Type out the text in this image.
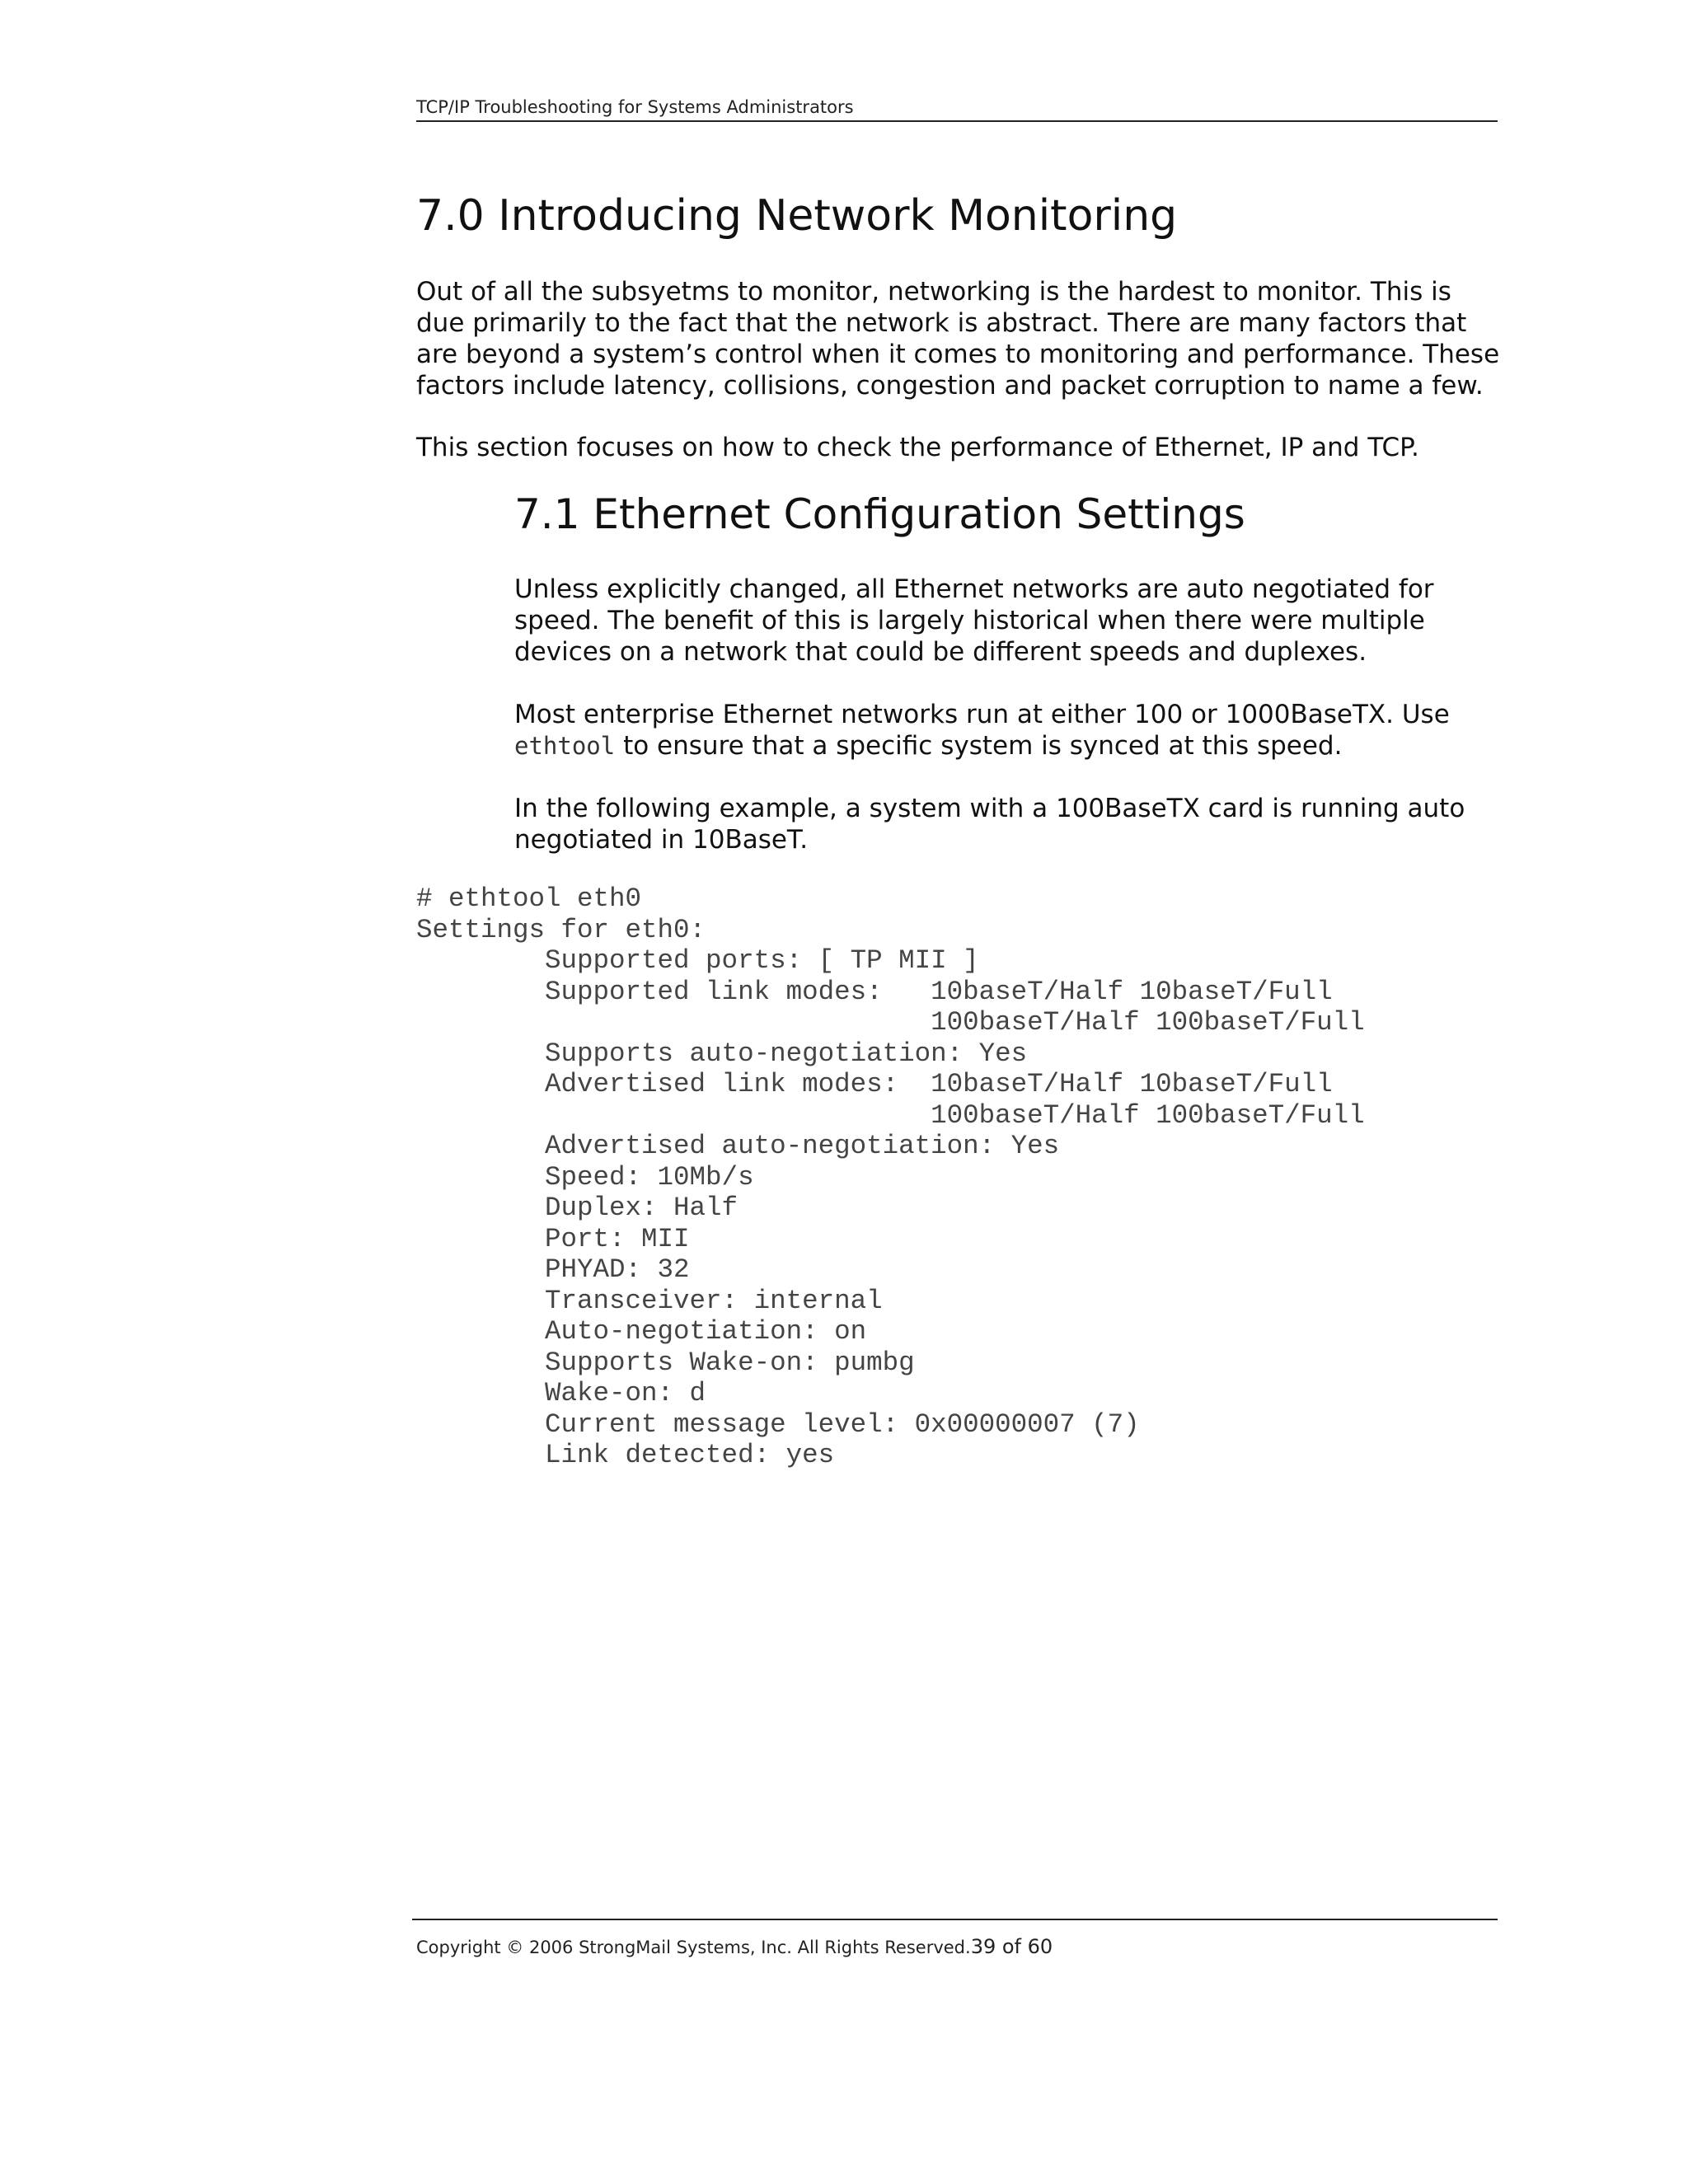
TCP/IP Troubleshooting for Systems Administrators
7.0 Introducing Network Monitoring

Out of all the subsyetms to monitor, networking is the hardest to monitor. This is due primarily to the fact that the network is abstract. There are many factors that are beyond a system’s control when it comes to monitoring and performance. These factors include latency, collisions, congestion and packet corruption to name a few.

This section focuses on how to check the performance of Ethernet, IP and TCP.

7.1 Ethernet Configuration Settings

Unless explicitly changed, all Ethernet networks are auto negotiated for speed. The benefit of this is largely historical when there were multiple devices on a network that could be different speeds and duplexes.

Most enterprise Ethernet networks run at either 100 or 1000BaseTX. Use
ethtool to ensure that a specific system is synced at this speed.

In the following example, a system with a 100BaseTX card is running auto negotiated in 10BaseT.

# ethtool eth0
Settings for eth0:
Supported ports: [ TP MII ]
Supported link modes:   10baseT/Half 10baseT/Full
100baseT/Half 100baseT/Full
Supports auto-negotiation: Yes
Advertised link modes:  10baseT/Half 10baseT/Full
100baseT/Half 100baseT/Full
Advertised auto-negotiation: Yes
Speed: 10Mb/s
Duplex: Half
Port: MII
PHYAD: 32
Transceiver: internal
Auto-negotiation: on
Supports Wake-on: pumbg
Wake-on: d
Current message level: 0x00000007 (7)
Link detected: yes
Copyright © 2006 StrongMail Systems, Inc. All Rights Reserved.39 of 60
